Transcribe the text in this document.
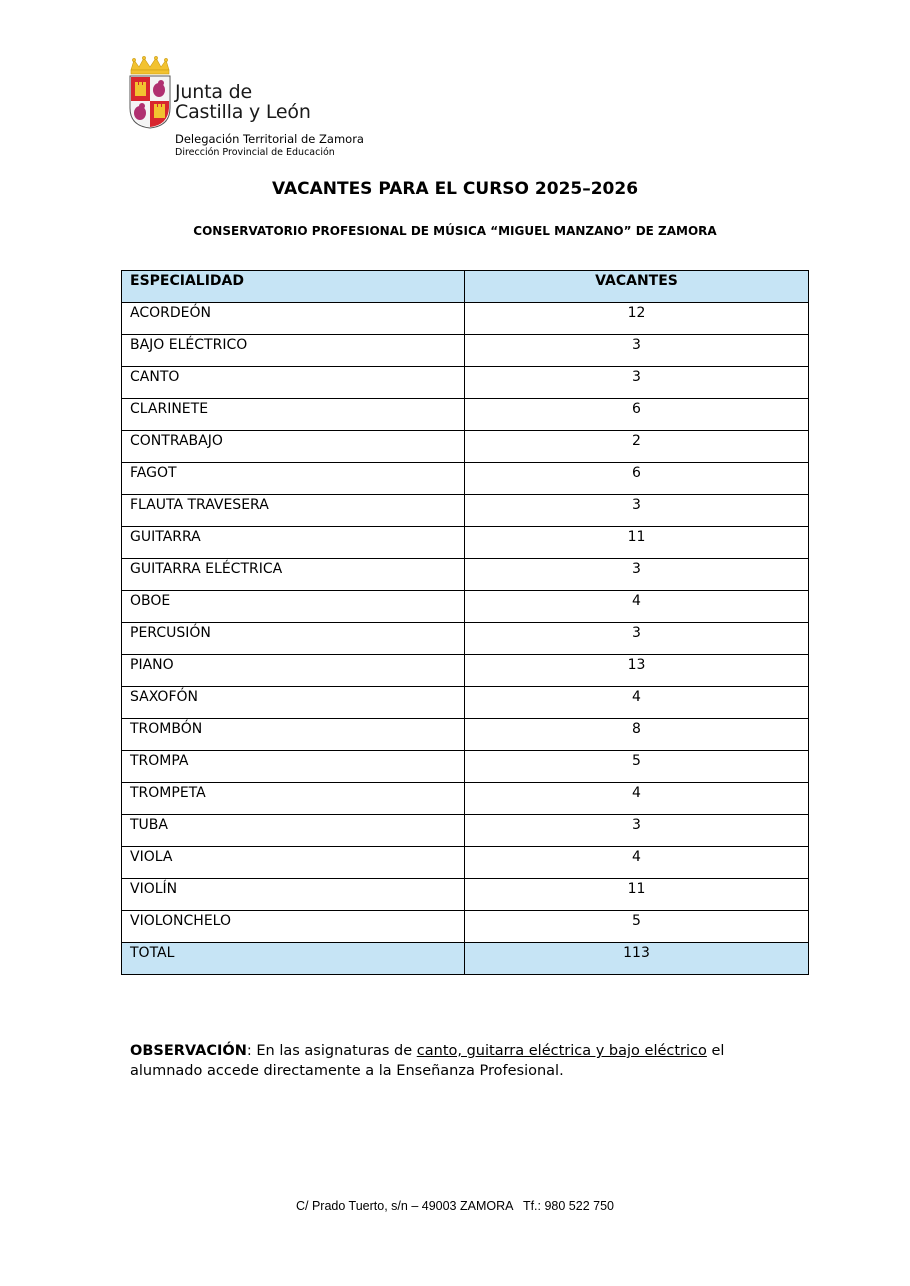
Junta de
Castilla y León
Delegación Territorial de Zamora
Dirección Provincial de Educación
VACANTES PARA EL CURSO 2025–2026
CONSERVATORIO PROFESIONAL DE MÚSICA “MIGUEL MANZANO” DE ZAMORA
ESPECIALIDAD	VACANTES
ACORDEÓN	12
BAJO ELÉCTRICO	3
CANTO	3
CLARINETE	6
CONTRABAJO	2
FAGOT	6
FLAUTA TRAVESERA	3
GUITARRA	11
GUITARRA ELÉCTRICA	3
OBOE	4
PERCUSIÓN	3
PIANO	13
SAXOFÓN	4
TROMBÓN	8
TROMPA	5
TROMPETA	4
TUBA	3
VIOLA	4
VIOLÍN	11
VIOLONCHELO	5
TOTAL	113
OBSERVACIÓN: En las asignaturas de canto, guitarra eléctrica y bajo eléctrico el alumnado accede directamente a la Enseñanza Profesional.
C/ Prado Tuerto, s/n – 49003 ZAMORA   Tf.: 980 522 750
